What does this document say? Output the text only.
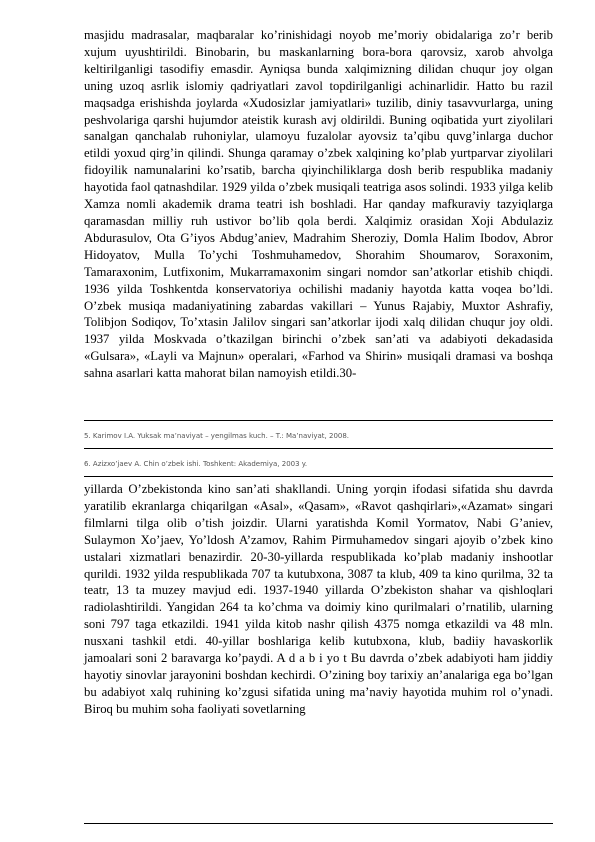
masjidu madrasalar, maqbaralar ko’rinishidagi noyob me’moriy obidalariga zo’r berib xujum uyushtirildi. Binobarin, bu maskanlarning bora-bora qarovsiz, xarob ahvolga keltirilganligi tasodifiy emasdir. Ayniqsa bunda xalqimizning dilidan chuqur joy olgan uning uzoq asrlik islomiy qadriyatlari zavol topdirilganligi achinarlidir. Hatto bu razil maqsadga erishishda joylarda «Xudosizlar jamiyatlari» tuzilib, diniy tasavvurlarga, uning peshvolariga qarshi hujumdor ateistik kurash avj oldirildi. Buning oqibatida yurt ziyolilari sanalgan qanchalab ruhoniylar, ulamoyu fuzalolar ayovsiz ta’qibu quvg’inlarga duchor etildi yoxud qirg’in qilindi. Shunga qaramay o’zbek xalqining ko’plab yurtparvar ziyolilari fidoyilik namunalarini ko’rsatib, barcha qiyinchiliklarga dosh berib respublika madaniy hayotida faol qatnashdilar. 1929 yilda o’zbek musiqali teatriga asos solindi. 1933 yilga kelib Xamza nomli akademik drama teatri ish boshladi. Har qanday mafkuraviy tazyiqlarga qaramasdan milliy ruh ustivor bo’lib qola berdi. Xalqimiz orasidan Xoji Abdulaziz Abdurasulov, Ota G’iyos Abdug’aniev, Madrahim Sheroziy, Domla Halim Ibodov, Abror Hidoyatov, Mulla To’ychi Toshmuhamedov, Shorahim Shoumarov, Soraxonim, Tamaraxonim, Lutfixonim, Mukarramaxonim singari nomdor san’atkorlar etishib chiqdi. 1936 yilda Toshkentda konservatoriya ochilishi madaniy hayotda katta voqea bo’ldi. O’zbek musiqa madaniyatining zabardas vakillari – Yunus Rajabiy, Muxtor Ashrafiy, Tolibjon Sodiqov, To’xtasin Jalilov singari san’atkorlar ijodi xalq dilidan chuqur joy oldi. 1937 yilda Moskvada o’tkazilgan birinchi o’zbek san’ati va adabiyoti dekadasida «Gulsara», «Layli va Majnun» operalari, «Farhod va Shirin» musiqali dramasi va boshqa sahna asarlari katta mahorat bilan namoyish etildi.30-
5. Karimov I.A. Yuksak ma’naviyat – yengilmas kuch. – T.: Ma’naviyat, 2008.
6. Azizxo’jaev A. Chin o’zbek ishi. Toshkent: Akademiya, 2003 y.
yillarda O’zbekistonda kino san’ati shakllandi. Uning yorqin ifodasi sifatida shu davrda yaratilib ekranlarga chiqarilgan «Asal», «Qasam», «Ravot qashqirlari»,«Azamat» singari filmlarni tilga olib o’tish joizdir. Ularni yaratishda Komil Yormatov, Nabi G’aniev, Sulaymon Xo’jaev, Yo’ldosh A’zamov, Rahim Pirmuhamedov singari ajoyib o’zbek kino ustalari xizmatlari benazirdir. 20-30-yillarda respublikada ko’plab madaniy inshootlar qurildi. 1932 yilda respublikada 707 ta kutubxona, 3087 ta klub, 409 ta kino qurilma, 32 ta teatr, 13 ta muzey mavjud edi. 1937-1940 yillarda O’zbekiston shahar va qishloqlari radiolashtirildi. Yangidan 264 ta ko’chma va doimiy kino qurilmalari o’rnatilib, ularning soni 797 taga etkazildi. 1941 yilda kitob nashr qilish 4375 nomga etkazildi va 48 mln. nusxani tashkil etdi. 40-yillar boshlariga kelib kutubxona, klub, badiiy havaskorlik jamoalari soni 2 baravarga ko’paydi. A d a b i yo t Bu davrda o’zbek adabiyoti ham jiddiy hayotiy sinovlar jarayonini boshdan kechirdi. O’zining boy tarixiy an’analariga ega bo’lgan bu adabiyot xalq ruhining ko’zgusi sifatida uning ma’naviy hayotida muhim rol o’ynadi. Biroq bu muhim soha faoliyati sovetlarning
